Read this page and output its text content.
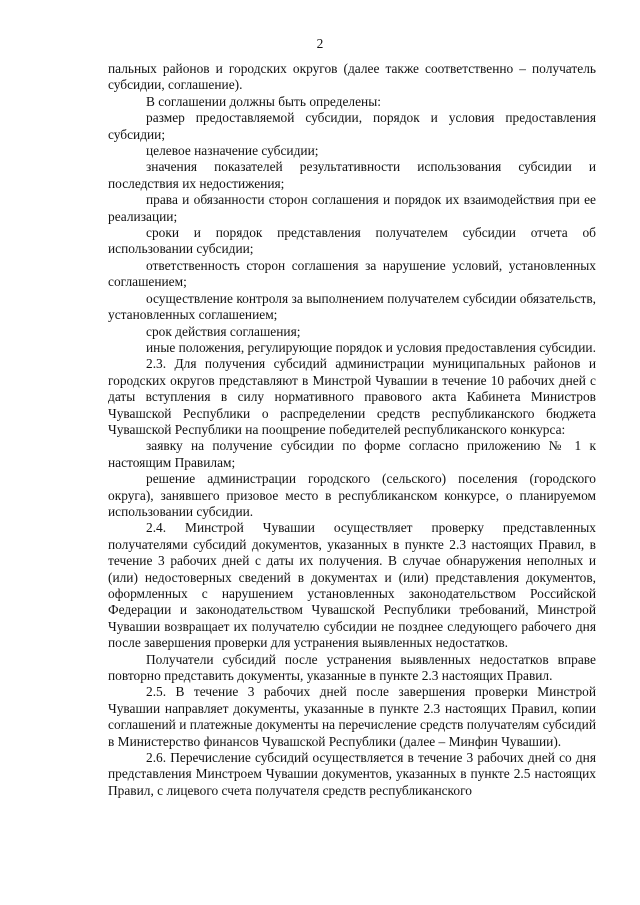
2

пальных районов и городских округов (далее также соответственно – получатель субсидии, соглашение).

В соглашении должны быть определены:

размер предоставляемой субсидии, порядок и условия предоставления субсидии;

целевое назначение субсидии;

значения показателей результативности использования субсидии и последствия их недостижения;

права и обязанности сторон соглашения и порядок их взаимодействия при ее реализации;

сроки и порядок представления получателем субсидии отчета об использовании субсидии;

ответственность сторон соглашения за нарушение условий, установленных соглашением;

осуществление контроля за выполнением получателем субсидии обязательств, установленных соглашением;

срок действия соглашения;

иные положения, регулирующие порядок и условия предоставления субсидии.

2.3. Для получения субсидий администрации муниципальных районов и городских округов представляют в Минстрой Чувашии в течение 10 рабочих дней с даты вступления в силу нормативного правового акта Кабинета Министров Чувашской Республики о распределении средств республиканского бюджета Чувашской Республики на поощрение победителей республиканского конкурса:

заявку на получение субсидии по форме согласно приложению № 1 к настоящим Правилам;

решение администрации городского (сельского) поселения (городского округа), занявшего призовое место в республиканском конкурсе, о планируемом использовании субсидии.

2.4. Минстрой Чувашии осуществляет проверку представленных получателями субсидий документов, указанных в пункте 2.3 настоящих Правил, в течение 3 рабочих дней с даты их получения. В случае обнаружения неполных и (или) недостоверных сведений в документах и (или) представления документов, оформленных с нарушением установленных законодательством Российской Федерации и законодательством Чувашской Республики требований, Минстрой Чувашии возвращает их получателю субсидии не позднее следующего рабочего дня после завершения проверки для устранения выявленных недостатков.

Получатели субсидий после устранения выявленных недостатков вправе повторно представить документы, указанные в пункте 2.3 настоящих Правил.

2.5. В течение 3 рабочих дней после завершения проверки Минстрой Чувашии направляет документы, указанные в пункте 2.3 настоящих Правил, копии соглашений и платежные документы на перечисление средств получателям субсидий в Министерство финансов Чувашской Республики (далее – Минфин Чувашии).

2.6. Перечисление субсидий осуществляется в течение 3 рабочих дней со дня представления Минстроем Чувашии документов, указанных в пункте 2.5 настоящих Правил, с лицевого счета получателя средств республиканского
